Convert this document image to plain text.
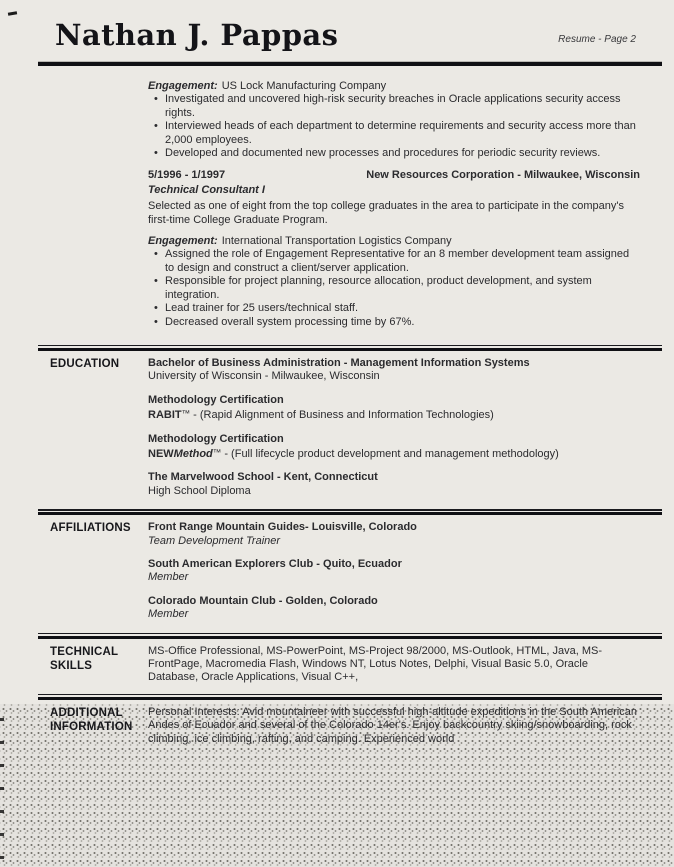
Nathan J. Pappas	Resume - Page 2

Engagement: US Lock Manufacturing Company

• Investigated and uncovered high-risk security breaches in Oracle applications security access rights.
• Interviewed heads of each department to determine requirements and security access more than 2,000 employees.
• Developed and documented new processes and procedures for periodic security reviews.
5/1996 - 1/1997	New Resources Corporation - Milwaukee, Wisconsin

Technical Consultant I

Selected as one of eight from the top college graduates in the area to participate in the company's first-time College Graduate Program.

Engagement: International Transportation Logistics Company

• Assigned the role of Engagement Representative for an 8 member development team assigned to design and construct a client/server application.
• Responsible for project planning, resource allocation, product development, and system integration.
• Lead trainer for 25 users/technical staff.
• Decreased overall system processing time by 67%.
EDUCATION	Bachelor of Business Administration - Management Information Systems

University of Wisconsin - Milwaukee, Wisconsin

Methodology Certification

RABIT™ - (Rapid Alignment of Business and Information Technologies)

Methodology Certification

NEWMethod™ - (Full lifecycle product development and management methodology)

The Marvelwood School - Kent, Connecticut

High School Diploma

AFFILIATIONS	Front Range Mountain Guides- Louisville, Colorado

Team Development Trainer

South American Explorers Club - Quito, Ecuador

Member

Colorado Mountain Club - Golden, Colorado

Member

TECHNICAL SKILLS

MS-Office Professional, MS-PowerPoint, MS-Project 98/2000, MS-Outlook, HTML, Java, MS-FrontPage, Macromedia Flash, Windows NT, Lotus Notes, Delphi, Visual Basic 5.0, Oracle Database, Oracle Applications, Visual C++,

ADDITIONAL INFORMATION

Personal Interests: Avid mountaineer with successful high-altitude expeditions in the South American Andes of Ecuador and several of the Colorado 14er's. Enjoy backcountry skiing/snowboarding, rock climbing, ice climbing, rafting, and camping. Experienced world
